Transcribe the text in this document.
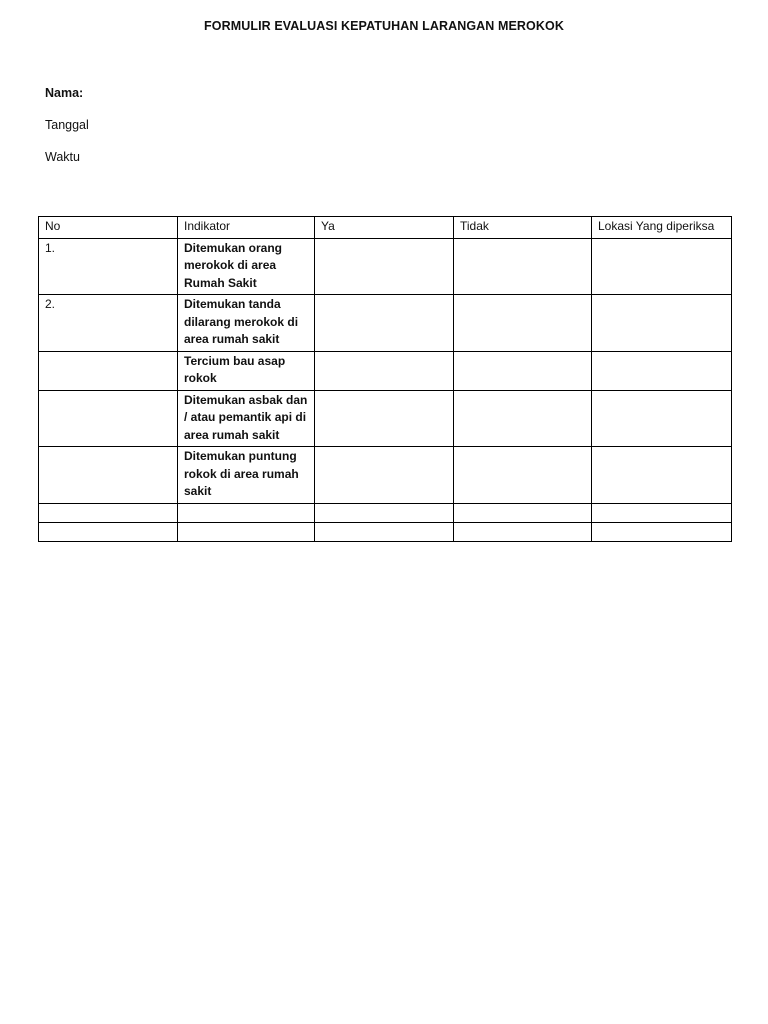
FORMULIR EVALUASI KEPATUHAN LARANGAN MEROKOK
Nama:
Tanggal
Waktu
No	Indikator	Ya	Tidak	Lokasi Yang diperiksa
1.	Ditemukan orang merokok di area Rumah Sakit			
2.	Ditemukan tanda dilarang merokok di area rumah sakit			
	Tercium bau asap rokok			
	Ditemukan asbak dan / atau pemantik api di area rumah sakit			
	Ditemukan puntung rokok di area rumah sakit			
